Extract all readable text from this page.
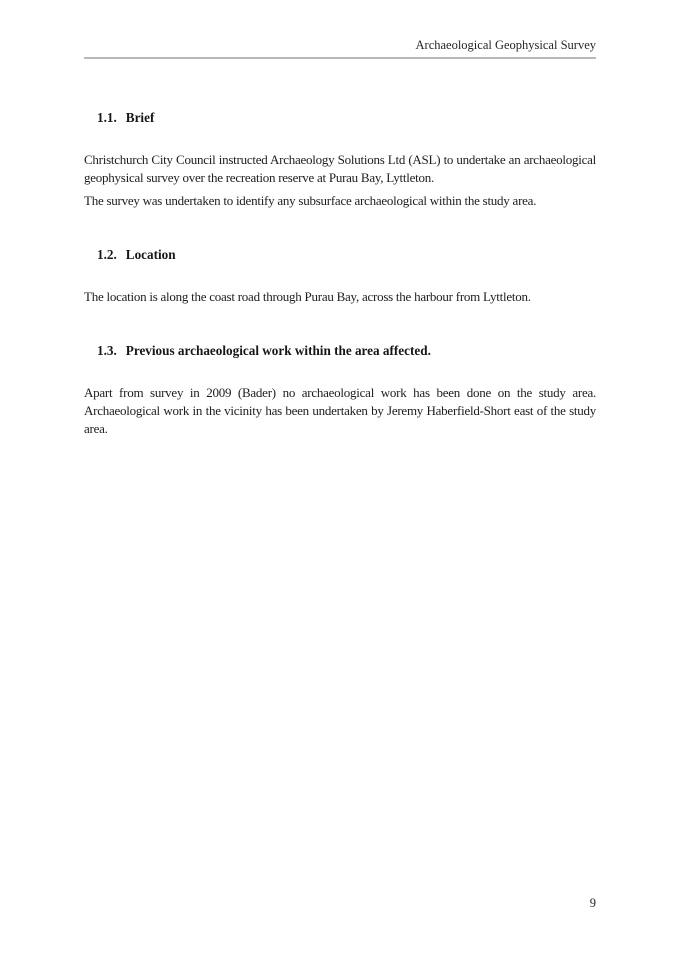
Archaeological Geophysical Survey
1.1. Brief

Christchurch City Council instructed Archaeology Solutions Ltd (ASL) to undertake an archaeological geophysical survey over the recreation reserve at Purau Bay, Lyttleton.

The survey was undertaken to identify any subsurface archaeological within the study area.

1.2. Location

The location is along the coast road through Purau Bay, across the harbour from Lyttleton.

1.3. Previous archaeological work within the area affected.

Apart from survey in 2009 (Bader) no archaeological work has been done on the study area. Archaeological work in the vicinity has been undertaken by Jeremy Haberfield-Short east of the study area.

9
